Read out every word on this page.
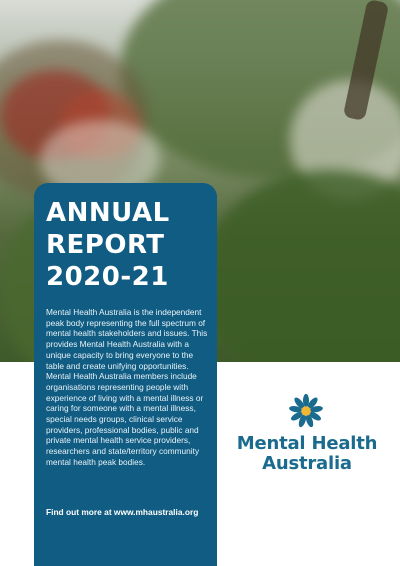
ANNUAL
REPORT
2020-21

Mental Health Australia is the independent peak body representing the full spectrum of mental health stakeholders and issues. This provides Mental Health Australia with a unique capacity to bring everyone to the table and create unifying opportunities. Mental Health Australia members include organisations representing people with experience of living with a mental illness or caring for someone with a mental illness, special needs groups, clinical service providers, professional bodies, public and private mental health service providers, researchers and state/territory community mental health peak bodies.

Find out more at www.mhaustralia.org

Mental Health
Australia
